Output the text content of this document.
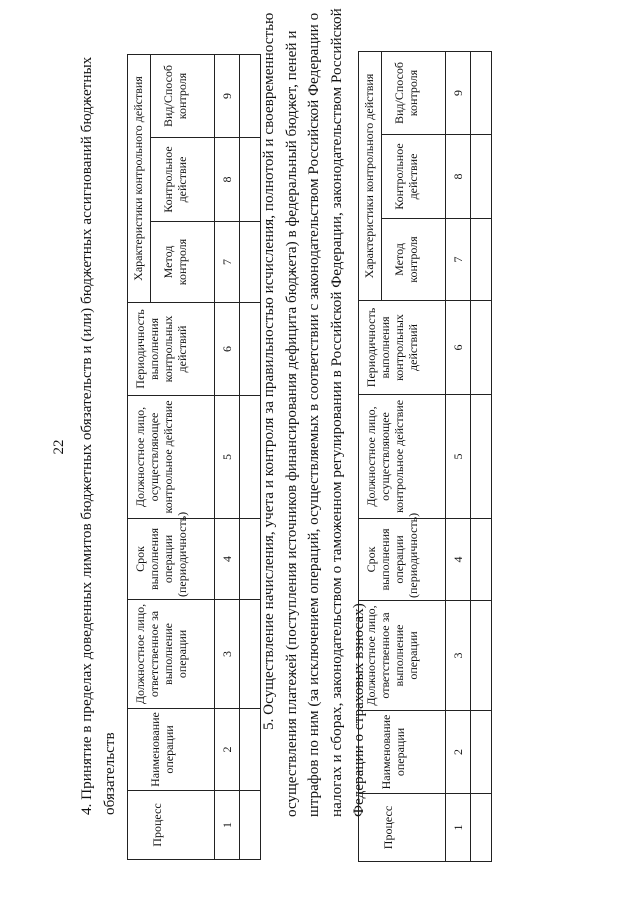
22 4. Принятие в пределах доведенных лимитов бюджетных обязательств и (или) бюджетных ассигнований бюджетных обязательств
Процесс	Наименование операции	Должностное лицо, ответственное за выполнение операции	Срок выполнения операции (периодичность)	Должностное лицо, осуществляющее контрольное действие	Периодичность выполнения контрольных действий	Характеристики контрольного действия		
						Метод контроля	Контрольное действие	Вид/Способ контроля
1	2	3	4	5	6	7	8	9
								5. Осуществление начисления, учета и контроля за правильностью исчисления, полнотой и своевременностью осуществления платежей (поступления источников финансирования дефицита бюджета) в федеральный бюджет, пеней и штрафов по ним (за исключением операций, осуществляемых в соответствии с законодательством Российской Федерации о налогах и сборах, законодательством о таможенном регулировании в Российской Федерации, законодательством Российской Федерации о страховых взносах)
Процесс	Наименование операции	Должностное лицо, ответственное за выполнение операции	Срок выполнения операции (периодичность)	Должностное лицо, осуществляющее контрольное действие	Периодичность выполнения контрольных действий	Характеристики контрольного действия		
						Метод контроля	Контрольное действие	Вид/Способ контроля
1	2	3	4	5	6	7	8	9
